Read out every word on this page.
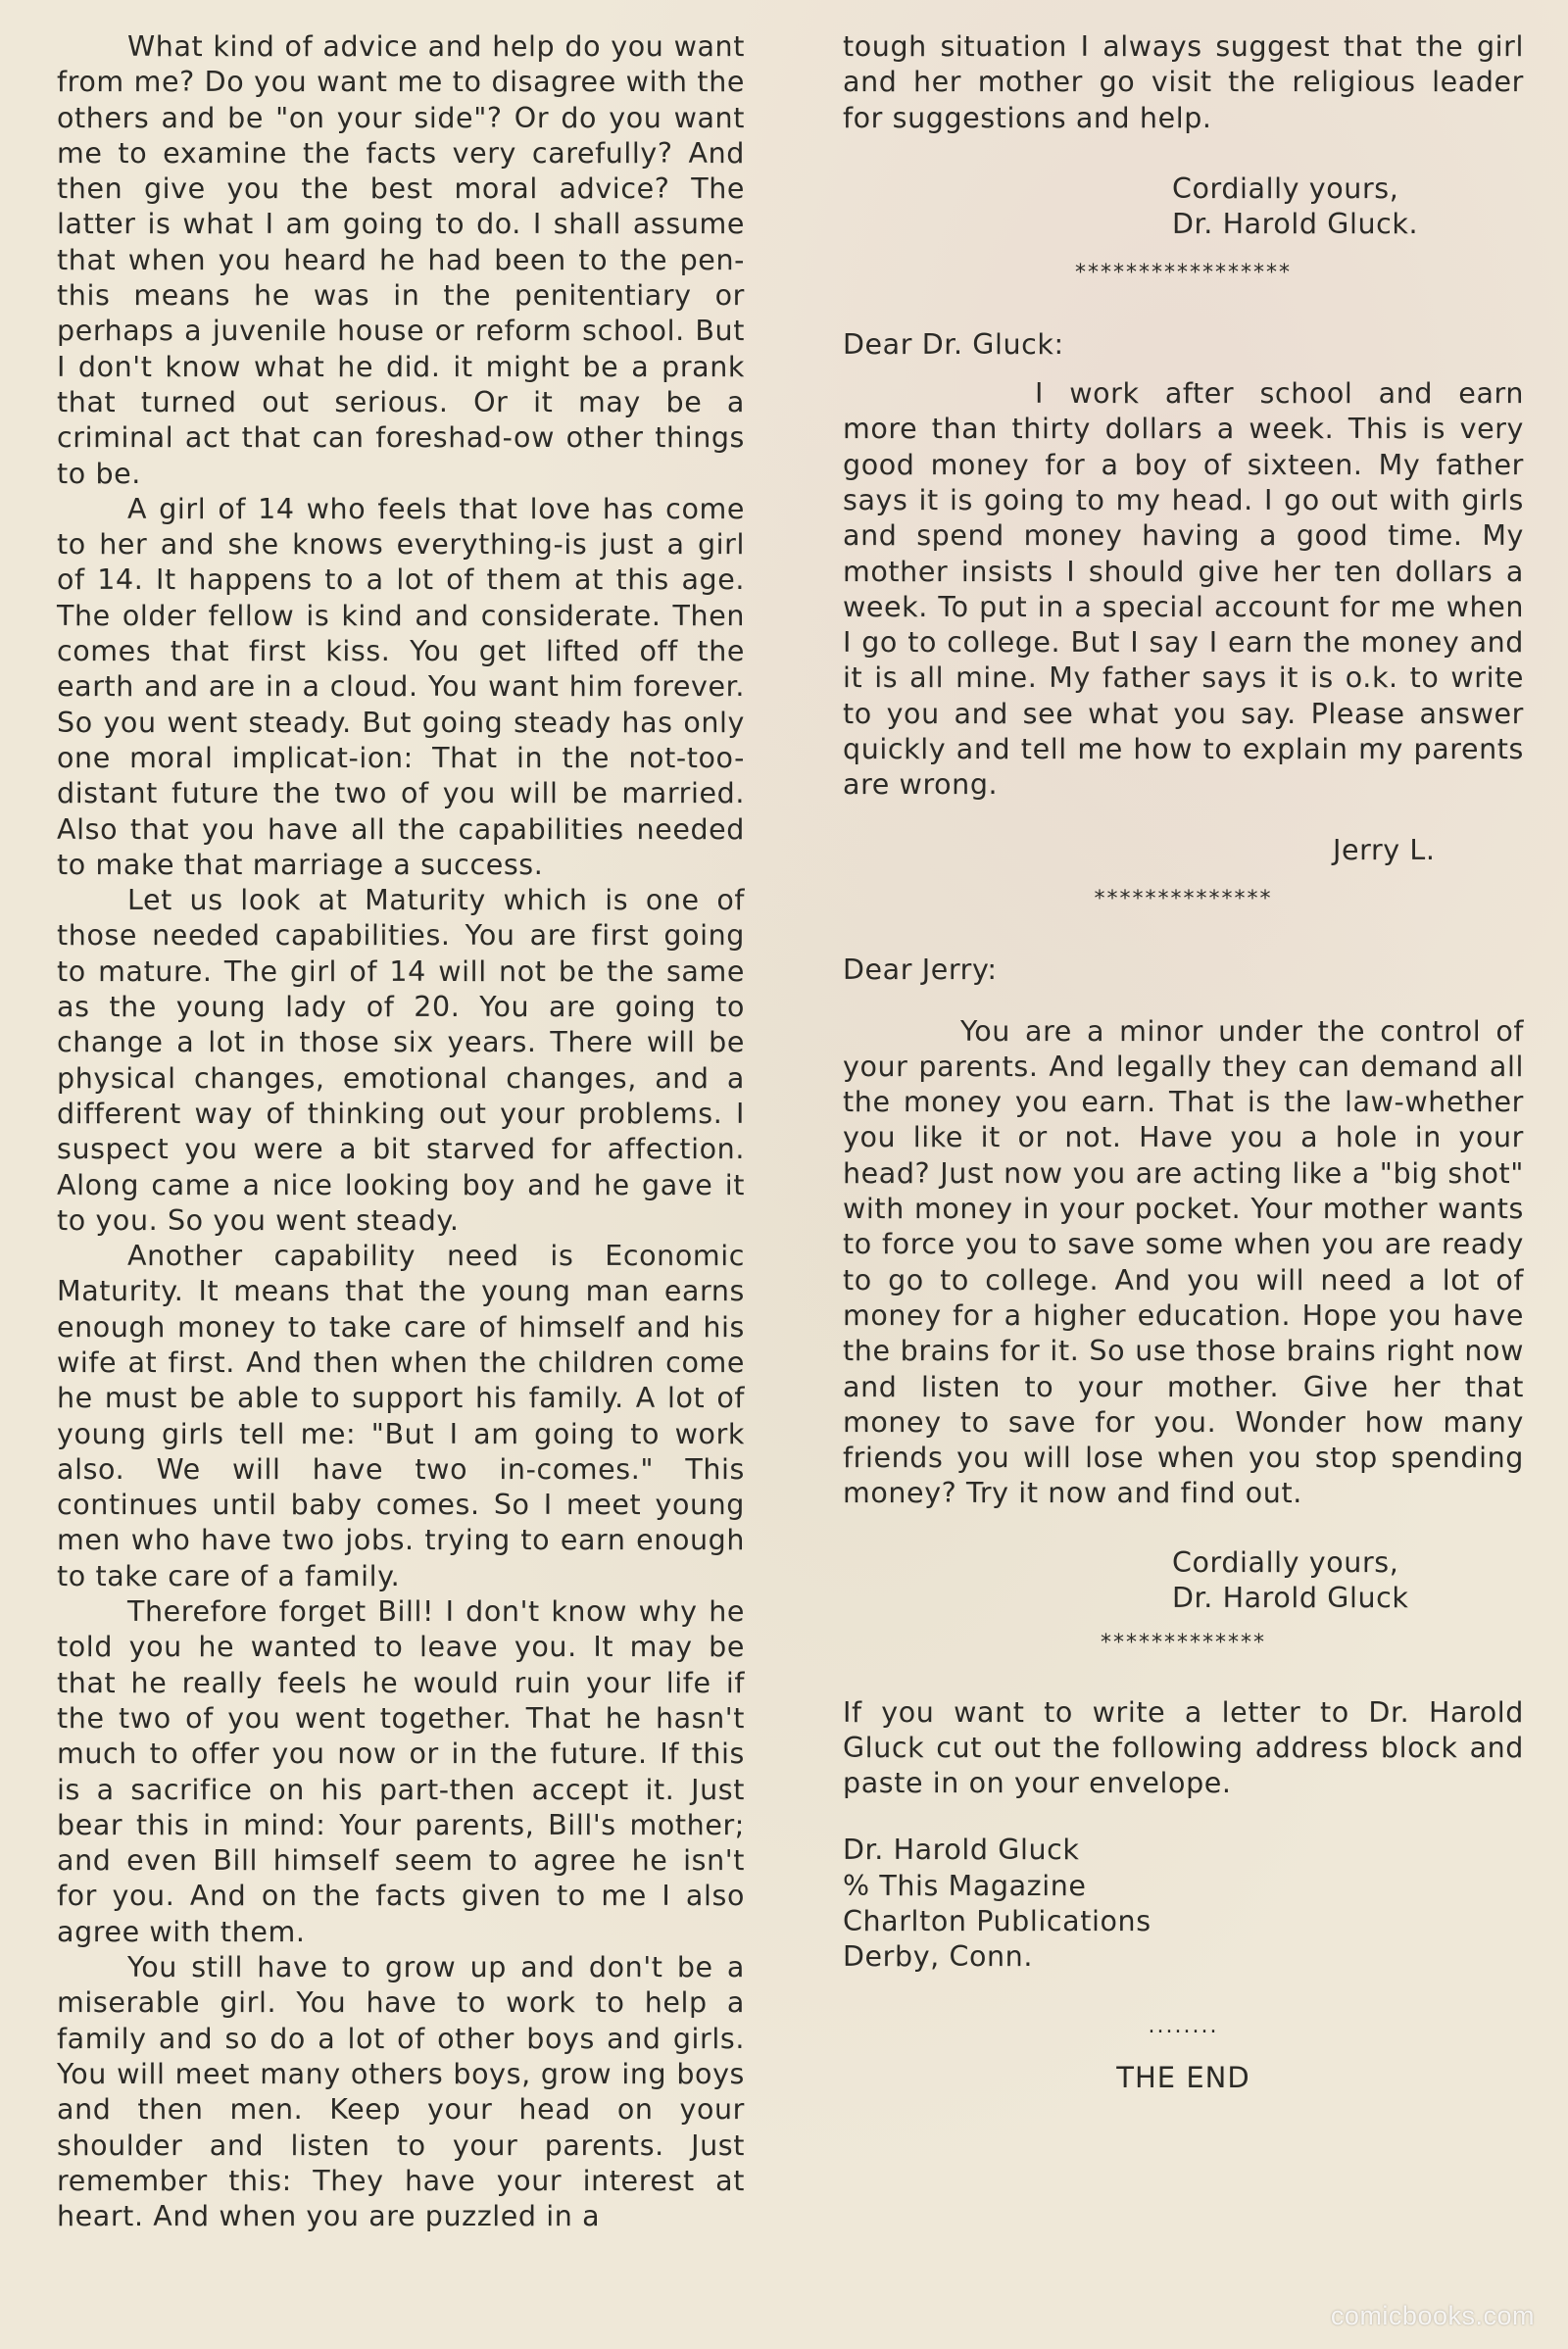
What kind of advice and help do you want from me? Do you want me to disagree with the others and be "on your side"? Or do you want me to examine the facts very carefully? And then give you the best moral advice? The latter is what I am going to do. I shall assume that when you heard he had been to the pen-this means he was in the penitentiary or perhaps a juvenile house or reform school. But I don't know what he did. it might be a prank that turned out serious. Or it may be a criminal act that can foreshad-ow other things to be.

A girl of 14 who feels that love has come to her and she knows everything-is just a girl of 14. It happens to a lot of them at this age. The older fellow is kind and considerate. Then comes that first kiss. You get lifted off the earth and are in a cloud. You want him forever. So you went steady. But going steady has only one moral implicat-ion: That in the not-too-distant future the two of you will be married. Also that you have all the capabilities needed to make that marriage a success.

Let us look at Maturity which is one of those needed capabilities. You are first going to mature. The girl of 14 will not be the same as the young lady of 20. You are going to change a lot in those six years. There will be physical changes, emotional changes, and a different way of thinking out your problems. I suspect you were a bit starved for affection. Along came a nice looking boy and he gave it to you. So you went steady.

Another capability need is Economic Maturity. It means that the young man earns enough money to take care of himself and his wife at first. And then when the children come he must be able to support his family. A lot of young girls tell me: "But I am going to work also. We will have two in-comes." This continues until baby comes. So I meet young men who have two jobs. trying to earn enough to take care of a family.

Therefore forget Bill! I don't know why he told you he wanted to leave you. It may be that he really feels he would ruin your life if the two of you went together. That he hasn't much to offer you now or in the future. If this is a sacrifice on his part-then accept it. Just bear this in mind: Your parents, Bill's mother; and even Bill himself seem to agree he isn't for you. And on the facts given to me I also agree with them.

You still have to grow up and don't be a miserable girl. You have to work to help a family and so do a lot of other boys and girls. You will meet many others boys, grow ing boys and then men. Keep your head on your shoulder and listen to your parents. Just remember this: They have your interest at heart. And when you are puzzled in a

tough situation I always suggest that the girl and her mother go visit the religious leader for suggestions and help.

Cordially yours,

Dr. Harold Gluck.

*****************

Dear Dr. Gluck:

I work after school and earn more than thirty dollars a week. This is very good money for a boy of sixteen. My father says it is going to my head. I go out with girls and spend money having a good time. My mother insists I should give her ten dollars a week. To put in a special account for me when I go to college. But I say I earn the money and it is all mine. My father says it is o.k. to write to you and see what you say. Please answer quickly and tell me how to explain my parents are wrong.

Jerry L.

**************

Dear Jerry:

You are a minor under the control of your parents. And legally they can demand all the money you earn. That is the law-whether you like it or not. Have you a hole in your head? Just now you are acting like a "big shot" with money in your pocket. Your mother wants to force you to save some when you are ready to go to college. And you will need a lot of money for a higher education. Hope you have the brains for it. So use those brains right now and listen to your mother. Give her that money to save for you. Wonder how many friends you will lose when you stop spending money? Try it now and find out.

Cordially yours,

Dr. Harold Gluck

*************

If you want to write a letter to Dr. Harold Gluck cut out the following address block and paste in on your envelope.

Dr. Harold Gluck

% This Magazine

Charlton Publications

Derby, Conn.

........

THE END

comicbooks.com
